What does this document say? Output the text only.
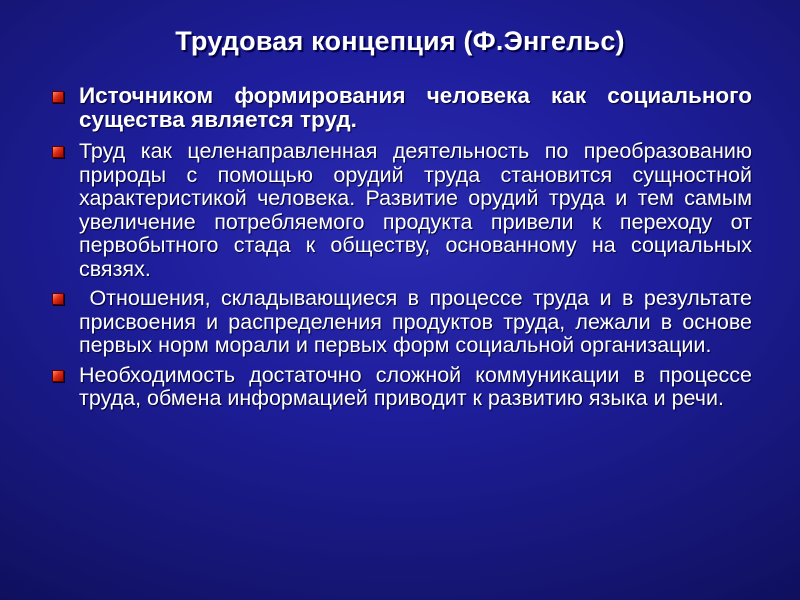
Трудовая концепция (Ф.Энгельс)
Источником формирования человека как социального существа является труд.
Труд как целенаправленная деятельность по преобразованию природы с помощью орудий труда становится сущностной характеристикой человека. Развитие орудий труда и тем самым увеличение потребляемого продукта привели к переходу от первобытного стада к обществу, основанному на социальных связях.
Отношения, складывающиеся в процессе труда и в результате присвоения и распределения продуктов труда, лежали в основе первых норм морали и первых форм социальной организации.
Необходимость достаточно сложной коммуникации в процессе труда, обмена информацией приводит к развитию языка и речи.
